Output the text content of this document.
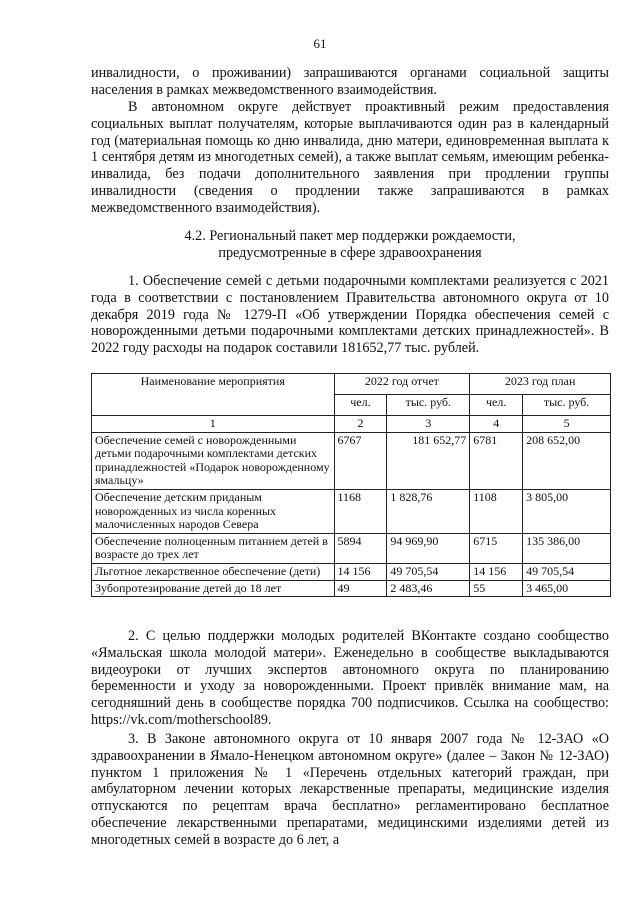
61

инвалидности, о проживании) запрашиваются органами социальной защиты населения в рамках межведомственного взаимодействия.

В автономном округе действует проактивный режим предоставления социальных выплат получателям, которые выплачиваются один раз в календарный год (материальная помощь ко дню инвалида, дню матери, единовременная выплата к 1 сентября детям из многодетных семей), а также выплат семьям, имеющим ребенка-инвалида, без подачи дополнительного заявления при продлении группы инвалидности (сведения о продлении также запрашиваются в рамках межведомственного взаимодействия).

4.2. Региональный пакет мер поддержки рождаемости,
предусмотренные в сфере здравоохранения

1. Обеспечение семей с детьми подарочными комплектами реализуется с 2021 года в соответствии с постановлением Правительства автономного округа от 10 декабря 2019 года № 1279-П «Об утверждении Порядка обеспечения семей с новорожденными детьми подарочными комплектами детских принадлежностей». В 2022 году расходы на подарок составили 181652,77 тыс. рублей.

Наименование мероприятия	2022 год отчет		2023 год план	
	чел.	тыс. руб.	чел.	тыс. руб.
1	2	3	4	5
Обеспечение семей с новорожденными детьми подарочными комплектами детских принадлежностей «Подарок новорожденному ямальцу»	6767	181 652,77	6781	208 652,00
Обеспечение детским приданым новорожденных из числа коренных малочисленных народов Севера	1168	1 828,76	1108	3 805,00
Обеспечение полноценным питанием детей в возрасте до трех лет	5894	94 969,90	6715	135 386,00
Льготное лекарственное обеспечение (дети)	14 156	49 705,54	14 156	49 705,54
Зубопротезирование детей до 18 лет	49	2 483,46	55	3 465,00

2. С целью поддержки молодых родителей ВКонтакте создано сообщество «Ямальская школа молодой матери». Еженедельно в сообществе выкладываются видеоуроки от лучших экспертов автономного округа по планированию беременности и уходу за новорожденными. Проект привлёк внимание мам, на сегодняшний день в сообществе порядка 700 подписчиков. Ссылка на сообщество: https://vk.com/motherschool89.

3. В Законе автономного округа от 10 января 2007 года № 12-ЗАО «О здравоохранении в Ямало-Ненецком автономном округе» (далее – Закон № 12-ЗАО) пунктом 1 приложения № 1 «Перечень отдельных категорий граждан, при амбулаторном лечении которых лекарственные препараты, медицинские изделия отпускаются по рецептам врача бесплатно» регламентировано бесплатное обеспечение лекарственными препаратами, медицинскими изделиями детей из многодетных семей в возрасте до 6 лет, а
